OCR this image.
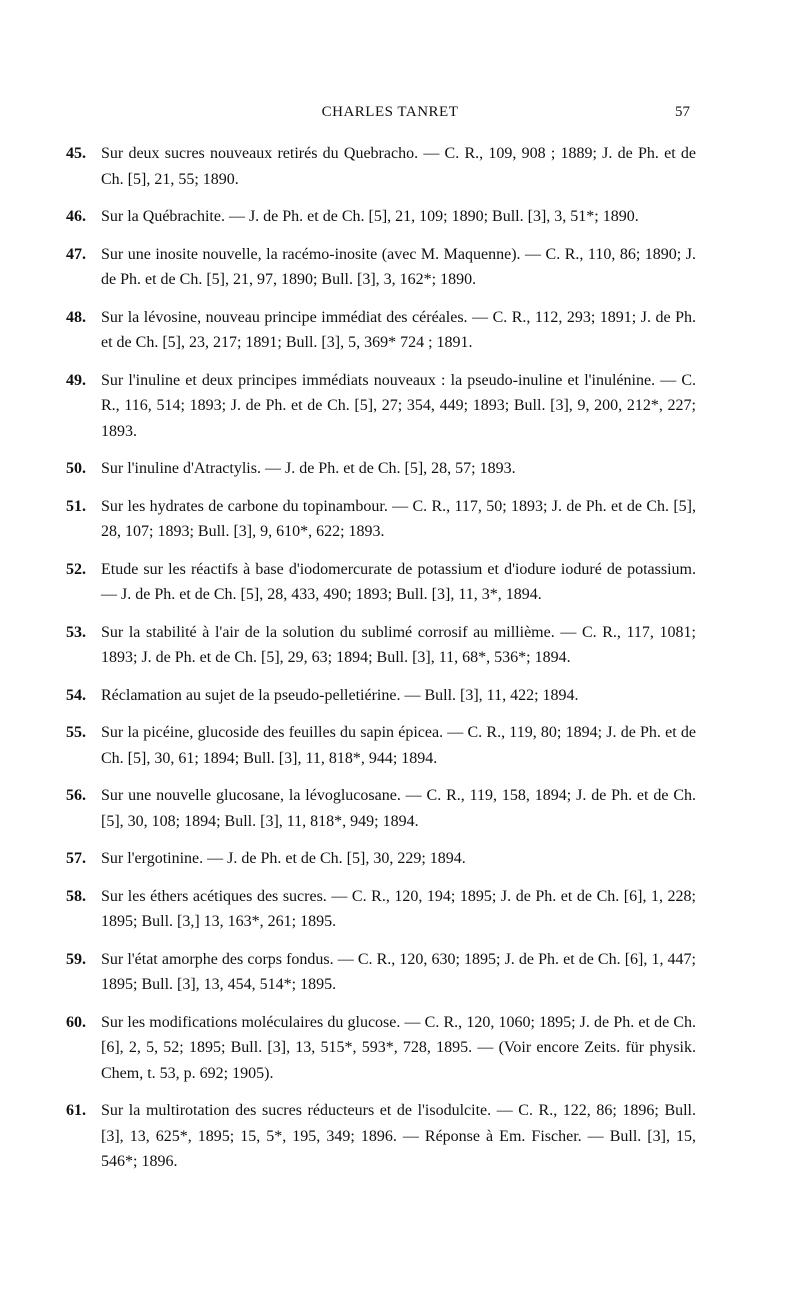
CHARLES TANRET	57
45. Sur deux sucres nouveaux retirés du Quebracho. — C. R., 109, 908 ; 1889; J. de Ph. et de Ch. [5], 21, 55; 1890.
46. Sur la Québrachite. — J. de Ph. et de Ch. [5], 21, 109; 1890; Bull. [3], 3, 51*; 1890.
47. Sur une inosite nouvelle, la racémo-inosite (avec M. Maquenne). — C. R., 110, 86; 1890; J. de Ph. et de Ch. [5], 21, 97, 1890; Bull. [3], 3, 162*; 1890.
48. Sur la lévosine, nouveau principe immédiat des céréales. — C. R., 112, 293; 1891; J. de Ph. et de Ch. [5], 23, 217; 1891; Bull. [3], 5, 369* 724 ; 1891.
49. Sur l'inuline et deux principes immédiats nouveaux : la pseudo-inuline et l'inulénine. — C. R., 116, 514; 1893; J. de Ph. et de Ch. [5], 27; 354, 449; 1893; Bull. [3], 9, 200, 212*, 227; 1893.
50. Sur l'inuline d'Atractylis. — J. de Ph. et de Ch. [5], 28, 57; 1893.
51. Sur les hydrates de carbone du topinambour. — C. R., 117, 50; 1893; J. de Ph. et de Ch. [5], 28, 107; 1893; Bull. [3], 9, 610*, 622; 1893.
52. Etude sur les réactifs à base d'iodomercurate de potassium et d'iodure ioduré de potassium. — J. de Ph. et de Ch. [5], 28, 433, 490; 1893; Bull. [3], 11, 3*, 1894.
53. Sur la stabilité à l'air de la solution du sublimé corrosif au millième. — C. R., 117, 1081; 1893; J. de Ph. et de Ch. [5], 29, 63; 1894; Bull. [3], 11, 68*, 536*; 1894.
54. Réclamation au sujet de la pseudo-pelletiérine. — Bull. [3], 11, 422; 1894.
55. Sur la picéine, glucoside des feuilles du sapin épicea. — C. R., 119, 80; 1894; J. de Ph. et de Ch. [5], 30, 61; 1894; Bull. [3], 11, 818*, 944; 1894.
56. Sur une nouvelle glucosane, la lévoglucosane. — C. R., 119, 158, 1894; J. de Ph. et de Ch. [5], 30, 108; 1894; Bull. [3], 11, 818*, 949; 1894.
57. Sur l'ergotinine. — J. de Ph. et de Ch. [5], 30, 229; 1894.
58. Sur les éthers acétiques des sucres. — C. R., 120, 194; 1895; J. de Ph. et de Ch. [6], 1, 228; 1895; Bull. [3,] 13, 163*, 261; 1895.
59. Sur l'état amorphe des corps fondus. — C. R., 120, 630; 1895; J. de Ph. et de Ch. [6], 1, 447; 1895; Bull. [3], 13, 454, 514*; 1895.
60. Sur les modifications moléculaires du glucose. — C. R., 120, 1060; 1895; J. de Ph. et de Ch. [6], 2, 5, 52; 1895; Bull. [3], 13, 515*, 593*, 728, 1895. — (Voir encore Zeits. für physik. Chem, t. 53, p. 692; 1905).
61. Sur la multirotation des sucres réducteurs et de l'isodulcite. — C. R., 122, 86; 1896; Bull. [3], 13, 625*, 1895; 15, 5*, 195, 349; 1896. — Réponse à Em. Fischer. — Bull. [3], 15, 546*; 1896.
